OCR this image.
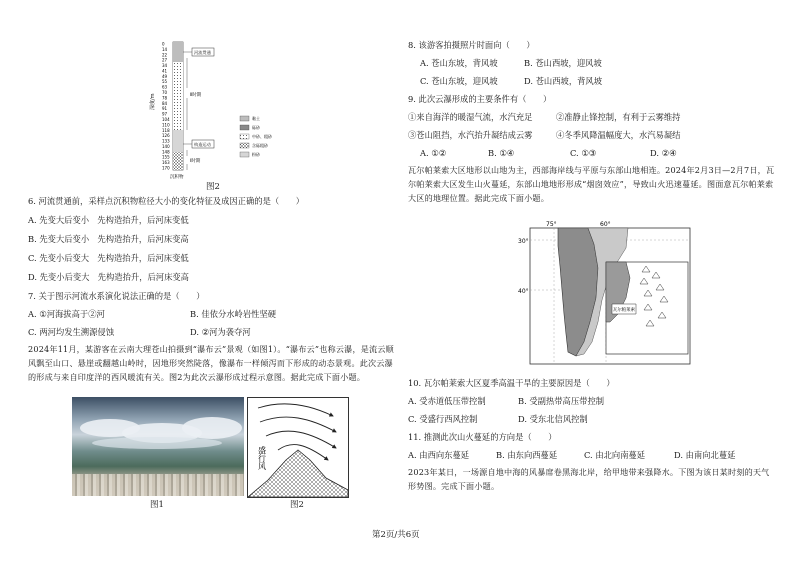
深度/m
0
14
22
27
34
41
49
55
63
70
78
84
91
97
104
110
118
126
133
140
148
155
163
170
河流贯通
构造运动
Ⅱ时期
Ⅰ时期
黏土
砾砂
中砂、粗砂
含砾粗砂
粉砂
沉积物
图2
6. 河流贯通前，采样点沉积物粒径大小的变化特征及成因正确的是（　　）
A. 先变大后变小　先构造抬升，后河床变低
B. 先变大后变小　先构造抬升，后河床变高
C. 先变小后变大　先构造抬升，后河床变低
D. 先变小后变大　先构造抬升，后河床变高
7. 关于图示河流水系演化说法正确的是（　　）
A. ①河海拔高于②河	B. 佳依分水岭岩性坚硬
C. 两河均发生溯源侵蚀	D. ②河为袭夺河
2024年11月，某游客在云南大理苍山拍摄到“瀑布云”景观（如图1）。“瀑布云”也称云瀑，是流云顺风飘至山口、悬崖或翻越山岭时，因地形突然陡落，像瀑布一样倾泻而下形成的动态景观。此次云瀑的形成与来自印度洋的西风暖流有关。图2为此次云瀑形成过程示意图。据此完成下面小题。
图1
盛行风
图2
8. 该游客拍摄照片时面向（　　）
A. 苍山东坡，背风坡	B. 苍山西坡，迎风坡
C. 苍山东坡，迎风坡	D. 苍山西坡，背风坡
9. 此次云瀑形成的主要条件有（　　）
①来自海洋的暖湿气流，水汽充足	②准静止锋控制，有利于云雾维持
③苍山阻挡，水汽抬升凝结成云雾	④冬季风降温幅度大，水汽易凝结
A. ①②	B. ①④	C. ①③	D. ②④
瓦尔帕莱索大区地形以山地为主，西部海岸线与平原与东部山地相连。2024年2月3日—2月7日，瓦尔帕莱索大区发生山火蔓延，东部山地地形形成“烟囱效应”，导致山火迅速蔓延。图面意瓦尔帕莱索大区的地理位置。据此完成下面小题。
瓦尔帕莱索
75°	60°
30°
40°
10. 瓦尔帕莱索大区夏季高温干旱的主要原因是（　　）
A. 受赤道低压带控制	B. 受副热带高压带控制
C. 受盛行西风控制	D. 受东北信风控制
11. 推测此次山火蔓延的方向是（　　）
A. 由西向东蔓延	B. 由东向西蔓延	C. 由北向南蔓延	D. 由南向北蔓延
2023年某日，一场源自地中海的风暴席卷黑海北岸，给甲地带来强降水。下图为该日某时刻的天气形势图。完成下面小题。
第2页/共6页
